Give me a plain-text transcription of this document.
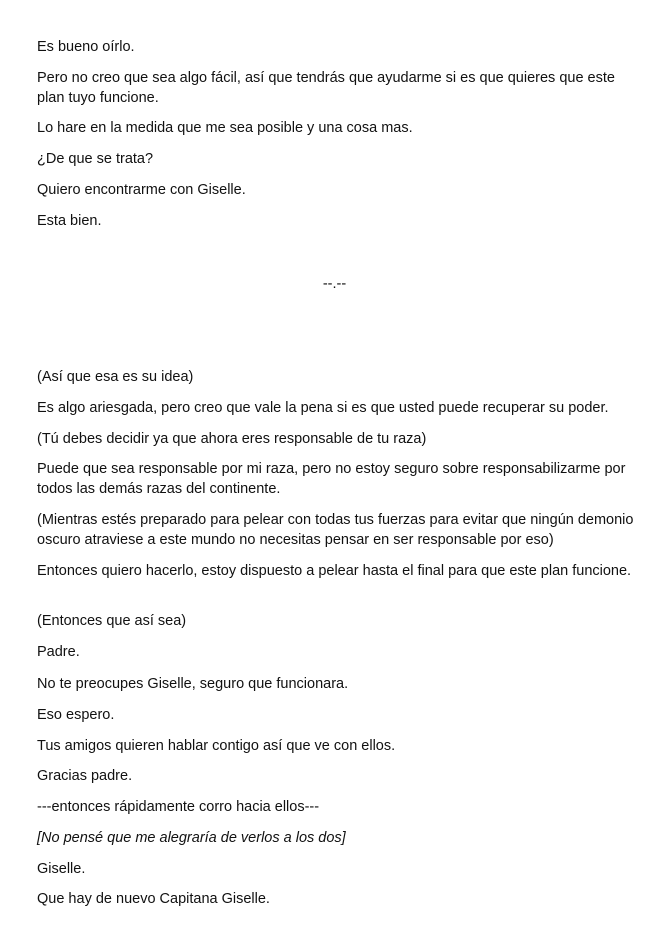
Es bueno oírlo.

Pero no creo que sea algo fácil, así que tendrás que ayudarme si es que quieres que este plan tuyo funcione.

Lo hare en la medida que me sea posible y una cosa mas.

¿De que se trata?

Quiero encontrarme con Giselle.

Esta bien.

--.--

(Así que esa es su idea)

Es algo ariesgada, pero creo que vale la pena si es que usted puede recuperar su poder.

(Tú debes decidir ya que ahora eres responsable de tu raza)

Puede que sea responsable por mi raza, pero no estoy seguro sobre responsabilizarme por todos las demás razas del continente.

(Mientras estés preparado para pelear con todas tus fuerzas para evitar que ningún demonio oscuro atraviese a este mundo no necesitas pensar en ser responsable por eso)

Entonces quiero hacerlo, estoy dispuesto a pelear hasta el final para que este plan funcione.

(Entonces que así sea)

Padre.

No te preocupes Giselle, seguro que funcionara.

Eso espero.

Tus amigos quieren hablar contigo así que ve con ellos.

Gracias padre.

---entonces rápidamente corro hacia ellos---

[No pensé que me alegraría de verlos a los dos]

Giselle.

Que hay de nuevo Capitana Giselle.
